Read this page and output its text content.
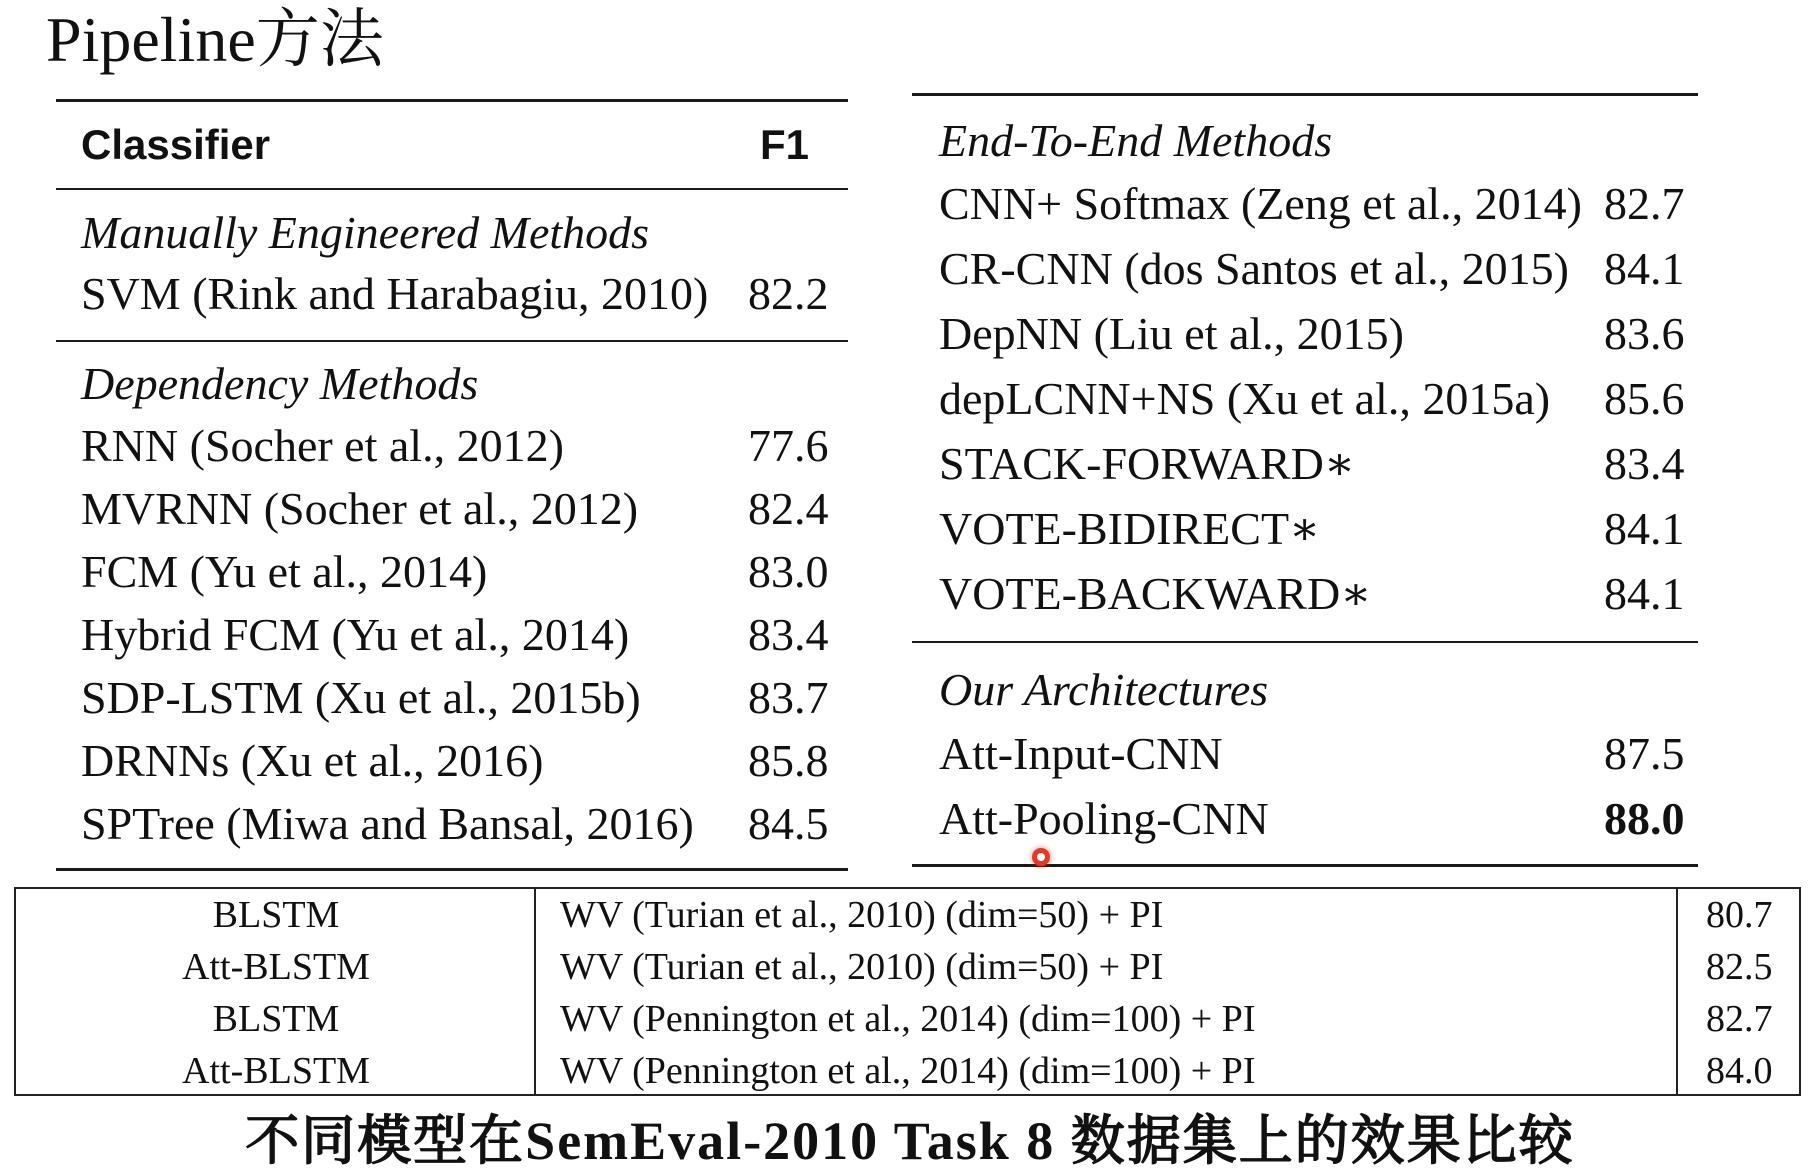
Pipeline方法
Classifier	F1
Manually Engineered Methods
SVM (Rink and Harabagiu, 2010) 82.2
Dependency Methods
RNN (Socher et al., 2012)	77.6
MVRNN (Socher et al., 2012) 82.4
FCM (Yu et al., 2014)	83.0
Hybrid FCM (Yu et al., 2014)	83.4
SDP-LSTM (Xu et al., 2015b) 83.7
DRNNs (Xu et al., 2016)	85.8
SPTree (Miwa and Bansal, 2016) 84.5
End-To-End Methods
CNN+ Softmax (Zeng et al., 2014) 82.7
CR-CNN (dos Santos et al., 2015) 84.1
DepNN (Liu et al., 2015)	83.6
depLCNN+NS (Xu et al., 2015a) 85.6
STACK-FORWARD∗	83.4
VOTE-BIDIRECT∗	84.1
VOTE-BACKWARD∗	84.1
Our Architectures
Att-Input-CNN	87.5
Att-Pooling-CNN	88.0
BLSTM	WV (Turian et al., 2010) (dim=50) + PI	80.7
Att-BLSTM	WV (Turian et al., 2010) (dim=50) + PI	82.5
BLSTM	WV (Pennington et al., 2014) (dim=100) + PI	82.7
Att-BLSTM	WV (Pennington et al., 2014) (dim=100) + PI	84.0
不同模型在SemEval-2010 Task 8 数据集上的效果比较
